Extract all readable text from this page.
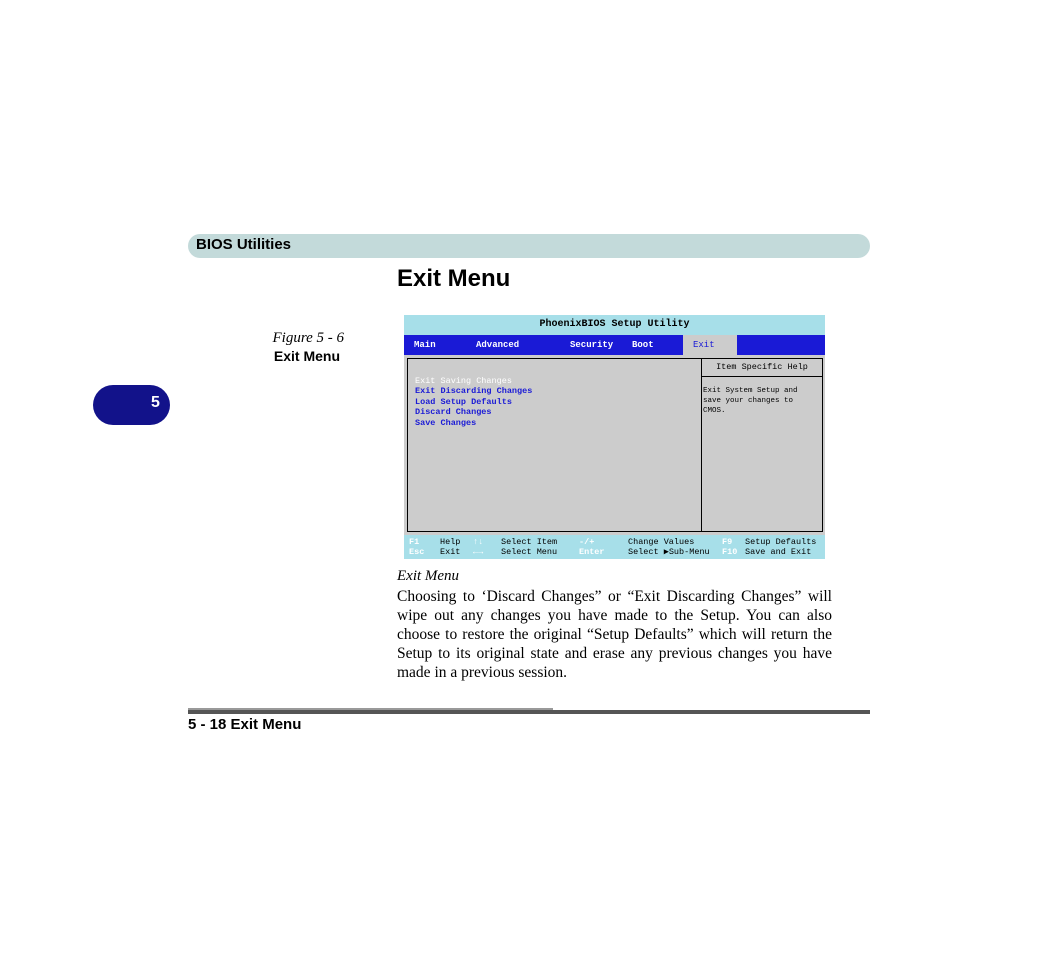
BIOS Utilities
5
Exit Menu
Figure 5 - 6
Exit Menu
PhoenixBIOS Setup Utility
Main	Advanced	Security Boot	Exit
Exit Saving Changes
Exit Discarding Changes
Load Setup Defaults
Discard Changes
Save Changes
Item Specific Help
Exit System Setup and save your changes to CMOS.
F1 Help ↑↓ Select Item	-/+	Change Values	F9 Setup Defaults
Esc Exit ←→ Select Menu	Enter	Select ▶Sub-Menu F10 Save and Exit
Exit Menu
Choosing to ‘Discard Changes” or “Exit Discarding Changes” will wipe out any changes you have made to the Setup. You can also choose to restore the original “Setup Defaults” which will return the Setup to its original state and erase any previous changes you have made in a previous session.
5 - 18 Exit Menu
